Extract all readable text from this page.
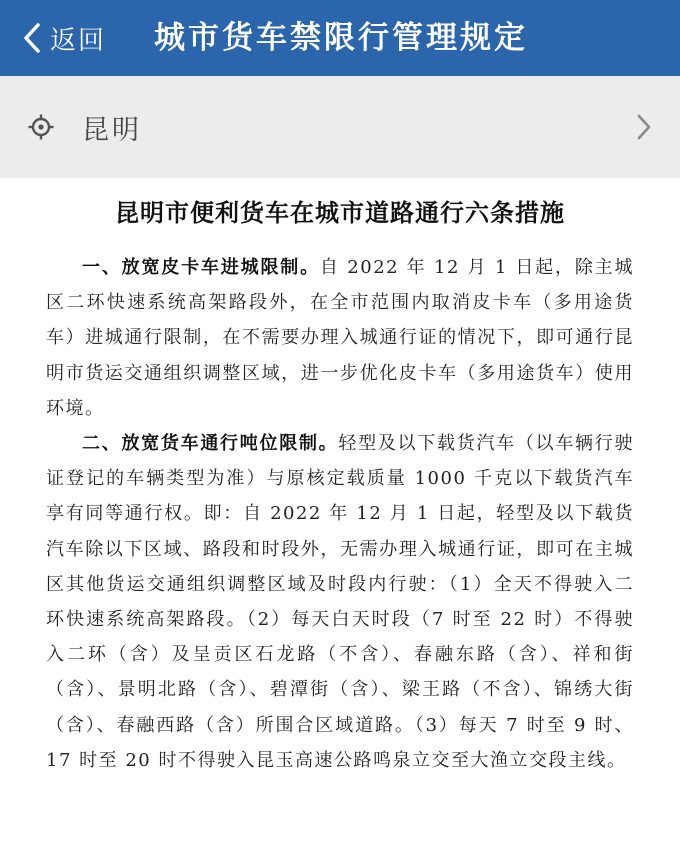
返回 城市货车禁限行管理规定
昆明
昆明市便利货车在城市道路通行六条措施

一、放宽皮卡车进城限制。自 2022 年 12 月 1 日起，除主城区二环快速系统高架路段外，在全市范围内取消皮卡车（多用途货车）进城通行限制，在不需要办理入城通行证的情况下，即可通行昆明市货运交通组织调整区域，进一步优化皮卡车（多用途货车）使用环境。

二、放宽货车通行吨位限制。轻型及以下载货汽车（以车辆行驶证登记的车辆类型为准）与原核定载质量 1000 千克以下载货汽车享有同等通行权。即：自 2022 年 12 月 1 日起，轻型及以下载货汽车除以下区域、路段和时段外，无需办理入城通行证，即可在主城区其他货运交通组织调整区域及时段内行驶：（1）全天不得驶入二环快速系统高架路段。（2）每天白天时段（7 时至 22 时）不得驶入二环（含）及呈贡区石龙路（不含）、春融东路（含）、祥和街（含）、景明北路（含）、碧潭街（含）、梁王路（不含）、锦绣大街（含）、春融西路（含）所围合区域道路。（3）每天 7 时至 9 时、17 时至 20 时不得驶入昆玉高速公路鸣泉立交至大渔立交段主线。
